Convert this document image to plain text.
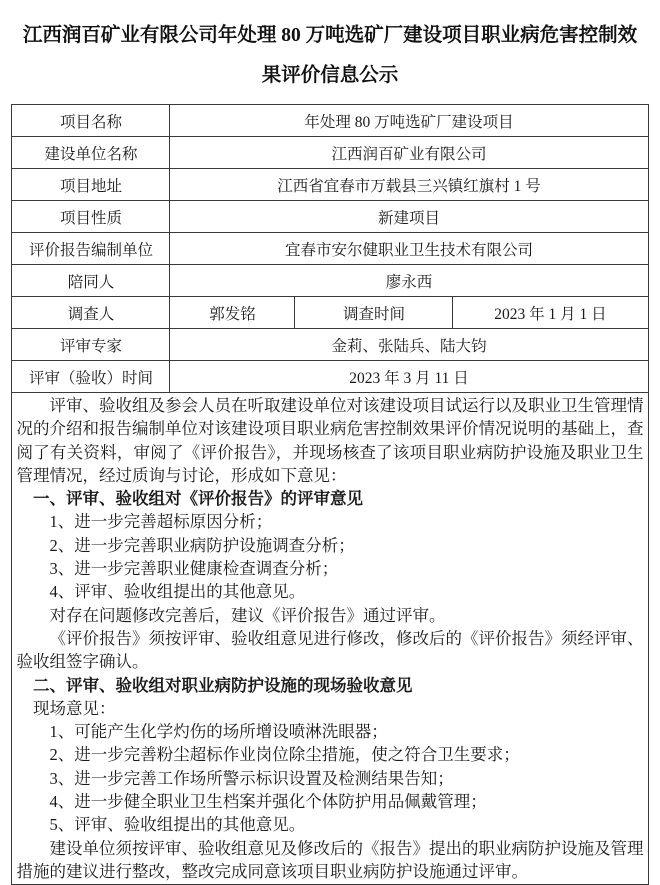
江西润百矿业有限公司年处理 80 万吨选矿厂建设项目职业病危害控制效果评价信息公示
项目名称	年处理 80 万吨选矿厂建设项目		
建设单位名称	江西润百矿业有限公司		
项目地址	江西省宜春市万载县三兴镇红旗村 1 号		
项目性质	新建项目		
评价报告编制单位	宜春市安尔健职业卫生技术有限公司		
陪同人	廖永西		
调查人	郭发铭	调查时间	2023 年 1 月 1 日
评审专家	金莉、张陆兵、陆大钧		
评审（验收）时间	2023 年 3 月 11 日		

评审、验收组及参会人员在听取建设单位对该建设项目试运行以及职业卫生管理情况的介绍和报告编制单位对该建设项目职业病危害控制效果评价情况说明的基础上，查阅了有关资料，审阅了《评价报告》，并现场核查了该项目职业病防护设施及职业卫生管理情况，经过质询与讨论，形成如下意见：

一、评审、验收组对《评价报告》的评审意见

1、进一步完善超标原因分析；

2、进一步完善职业病防护设施调查分析；

3、进一步完善职业健康检查调查分析；

4、评审、验收组提出的其他意见。

对存在问题修改完善后，建议《评价报告》通过评审。

《评价报告》须按评审、验收组意见进行修改，修改后的《评价报告》须经评审、验收组签字确认。

二、评审、验收组对职业病防护设施的现场验收意见

现场意见：

1、可能产生化学灼伤的场所增设喷淋洗眼器；

2、进一步完善粉尘超标作业岗位除尘措施，使之符合卫生要求；

3、进一步完善工作场所警示标识设置及检测结果告知；

4、进一步健全职业卫生档案并强化个体防护用品佩戴管理；

5、评审、验收组提出的其他意见。

建设单位须按评审、验收组意见及修改后的《报告》提出的职业病防护设施及管理措施的建议进行整改，整改完成同意该项目职业病防护设施通过评审。
